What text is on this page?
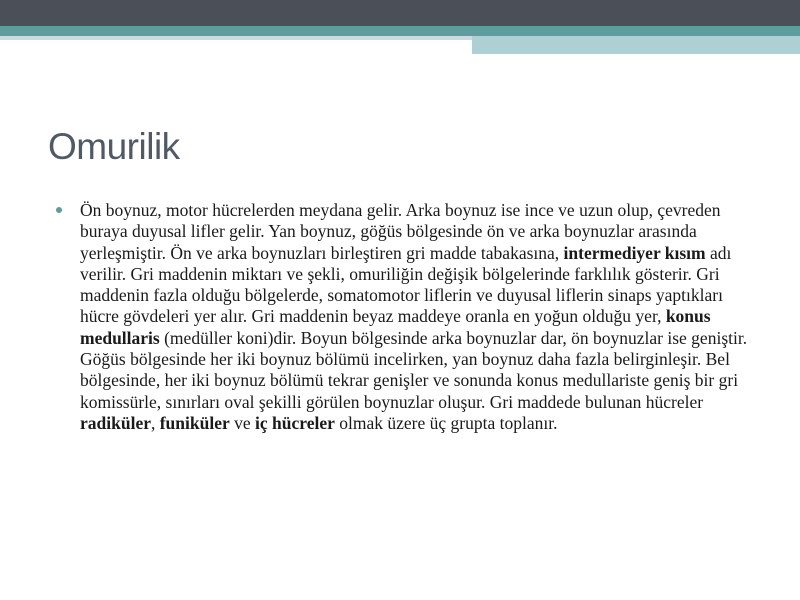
Omurilik

Ön boynuz, motor hücrelerden meydana gelir. Arka boynuz ise ince ve uzun olup, çevreden buraya duyusal lifler gelir. Yan boynuz, göğüs bölgesinde ön ve arka boynuzlar arasında yerleşmiştir. Ön ve arka boynuzları birleştiren gri madde tabakasına, intermediyer kısım adı verilir. Gri maddenin miktarı ve şekli, omuriliğin değişik bölgelerinde farklılık gösterir. Gri maddenin fazla olduğu bölgelerde, somatomotor liflerin ve duyusal liflerin sinaps yaptıkları hücre gövdeleri yer alır. Gri maddenin beyaz maddeye oranla en yoğun olduğu yer, konus medullaris (medüller koni)dir. Boyun bölgesinde arka boynuzlar dar, ön boynuzlar ise geniştir. Göğüs bölgesinde her iki boynuz bölümü incelirken, yan boynuz daha fazla belirginleşir. Bel bölgesinde, her iki boynuz bölümü tekrar genişler ve sonunda konus medullariste geniş bir gri komissürle, sınırları oval şekilli görülen boynuzlar oluşur. Gri maddede bulunan hücreler radiküler, funiküler ve iç hücreler olmak üzere üç grupta toplanır.
